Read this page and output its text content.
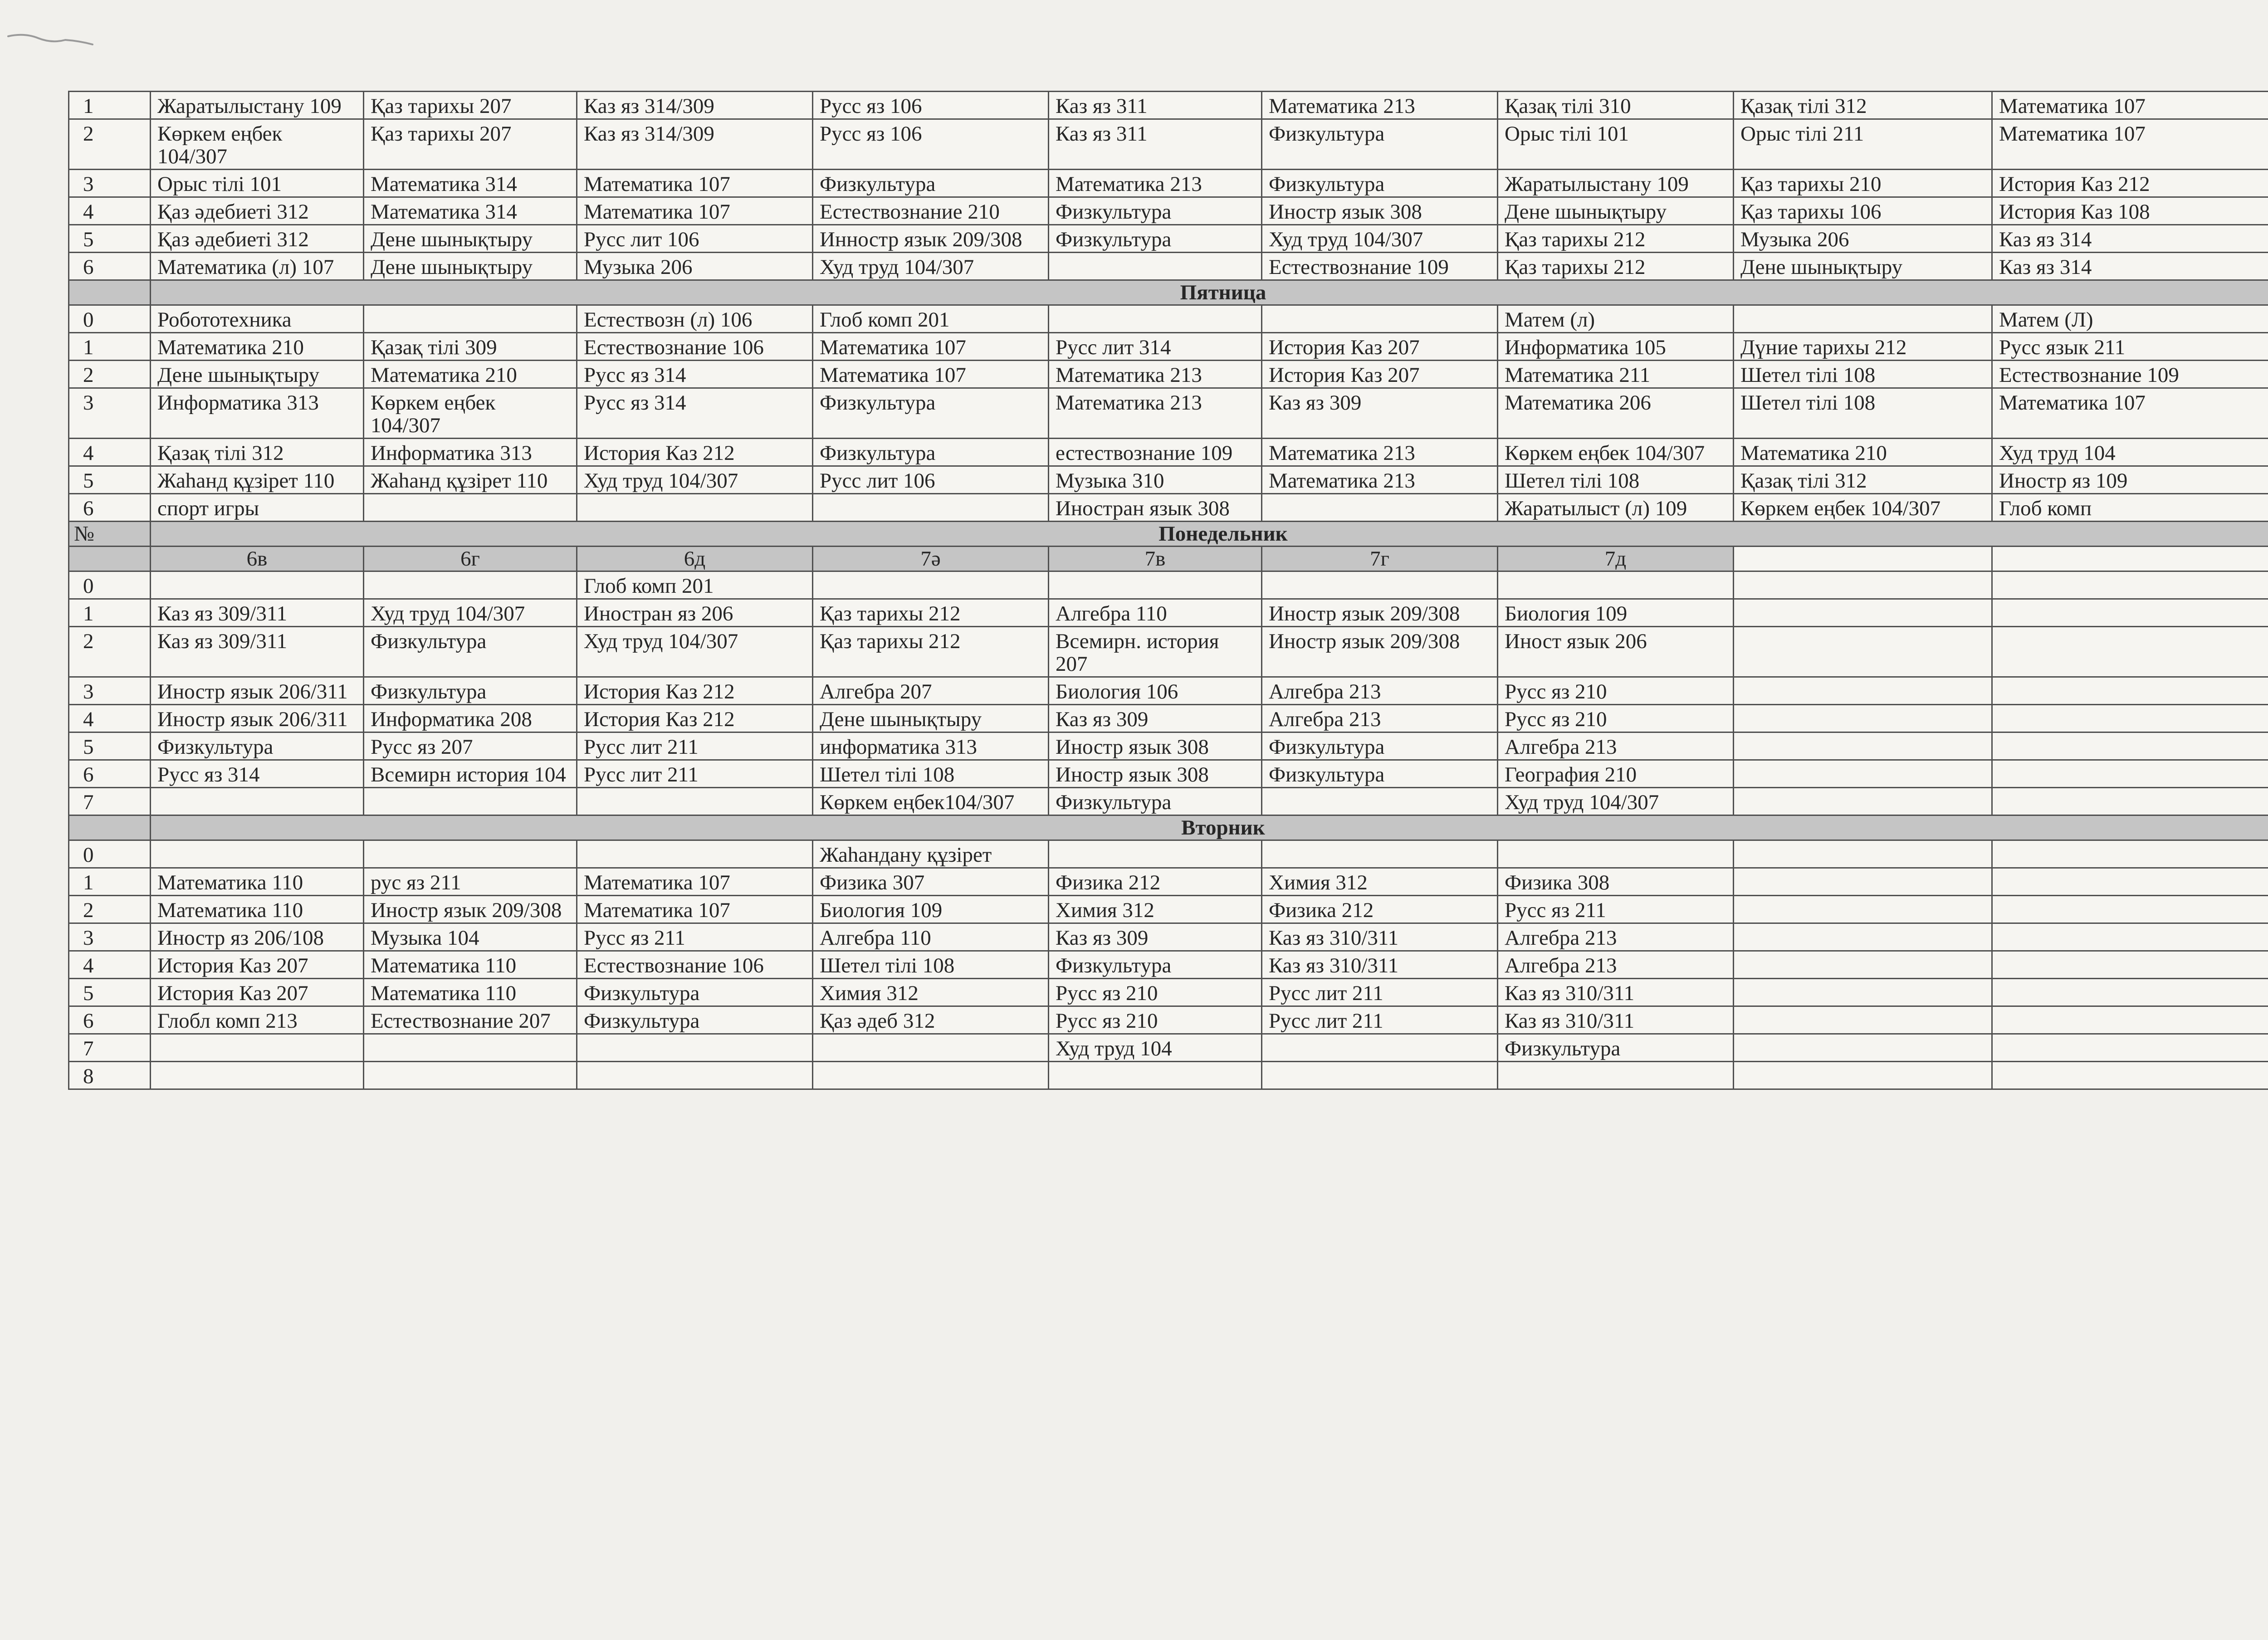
1	Жаратылыстану 109	Қаз тарихы 207	Каз яз 314/309	Русс яз 106	Каз яз 311	Математика 213	Қазақ тілі 310	Қазақ тілі 312	Математика 107
2	Көркем еңбек 104/307	Қаз тарихы 207	Каз яз 314/309	Русс яз 106	Каз яз 311	Физкультура	Орыс тілі 101	Орыс тілі 211	Математика 107
3	Орыс тілі 101	Математика 314	Математика 107	Физкультура	Математика 213	Физкультура	Жаратылыстану 109	Қаз тарихы 210	История Каз 212
4	Қаз әдебиеті 312	Математика 314	Математика 107	Естествознание 210	Физкультура	Иностр язык 308	Дене шынықтыру	Қаз тарихы 106	История Каз 108
5	Қаз әдебиеті 312	Дене шынықтыру	Русс лит 106	Инностр язык 209/308	Физкультура	Худ труд 104/307	Қаз тарихы 212	Музыка 206	Каз яз 314
6	Математика (л) 107	Дене шынықтыру	Музыка 206	Худ труд 104/307		Естествознание 109	Қаз тарихы 212	Дене шынықтыру	Каз яз 314
	Пятница								
0	Робототехника		Естествозн (л) 106	Глоб комп 201			Матем (л)		Матем (Л)
1	Математика 210	Қазақ тілі 309	Естествознание 106	Математика 107	Русс лит 314	История Каз 207	Информатика 105	Дүние тарихы 212	Русс язык 211
2	Дене шынықтыру	Математика 210	Русс яз 314	Математика 107	Математика 213	История Каз 207	Математика 211	Шетел тілі 108	Естествознание 109
3	Информатика 313	Көркем еңбек 104/307	Русс яз 314	Физкультура	Математика 213	Каз яз 309	Математика 206	Шетел тілі 108	Математика 107
4	Қазақ тілі 312	Информатика 313	История Каз 212	Физкультура	естествознание 109	Математика 213	Көркем еңбек 104/307	Математика 210	Худ труд 104
5	Жаһанд құзірет 110	Жаһанд құзірет 110	Худ труд 104/307	Русс лит 106	Музыка 310	Математика 213	Шетел тілі 108	Қазақ тілі 312	Иностр яз 109
6	спорт игры				Иностран язык 308		Жаратылыст (л) 109	Көркем еңбек 104/307	Глоб комп
№	Понедельник								
	6в	6г	6д	7ә	7в	7г	7д		
0			Глоб комп 201						
1	Каз яз 309/311	Худ труд 104/307	Иностран яз 206	Қаз тарихы 212	Алгебра 110	Иностр язык 209/308	Биология 109		
2	Каз яз 309/311	Физкультура	Худ труд 104/307	Қаз тарихы 212	Всемирн. история 207	Иностр язык 209/308	Иност язык 206		
3	Иностр язык 206/311	Физкультура	История Каз 212	Алгебра 207	Биология 106	Алгебра 213	Русс яз 210		
4	Иностр язык 206/311	Информатика 208	История Каз 212	Дене шынықтыру	Каз яз 309	Алгебра 213	Русс яз 210		
5	Физкультура	Русс яз 207	Русс лит 211	информатика 313	Иностр язык 308	Физкультура	Алгебра 213		
6	Русс яз 314	Всемирн история 104	Русс лит 211	Шетел тілі 108	Иностр язык 308	Физкультура	География 210		
7				Көркем еңбек104/307	Физкультура		Худ труд 104/307		
	Вторник								
0				Жаһандану құзірет					
1	Математика 110	рус яз 211	Математика 107	Физика 307	Физика 212	Химия 312	Физика 308		
2	Математика 110	Иностр язык 209/308	Математика 107	Биология 109	Химия 312	Физика 212	Русс яз 211		
3	Иностр яз 206/108	Музыка 104	Русс яз 211	Алгебра 110	Каз яз 309	Каз яз 310/311	Алгебра 213		
4	История Каз 207	Математика 110	Естествознание 106	Шетел тілі 108	Физкультура	Каз яз 310/311	Алгебра 213		
5	История Каз 207	Математика 110	Физкультура	Химия 312	Русс яз 210	Русс лит 211	Каз яз 310/311		
6	Глобл комп 213	Естествознание 207	Физкультура	Қаз әдеб 312	Русс яз 210	Русс лит 211	Каз яз 310/311		
7					Худ труд 104		Физкультура		
8									
